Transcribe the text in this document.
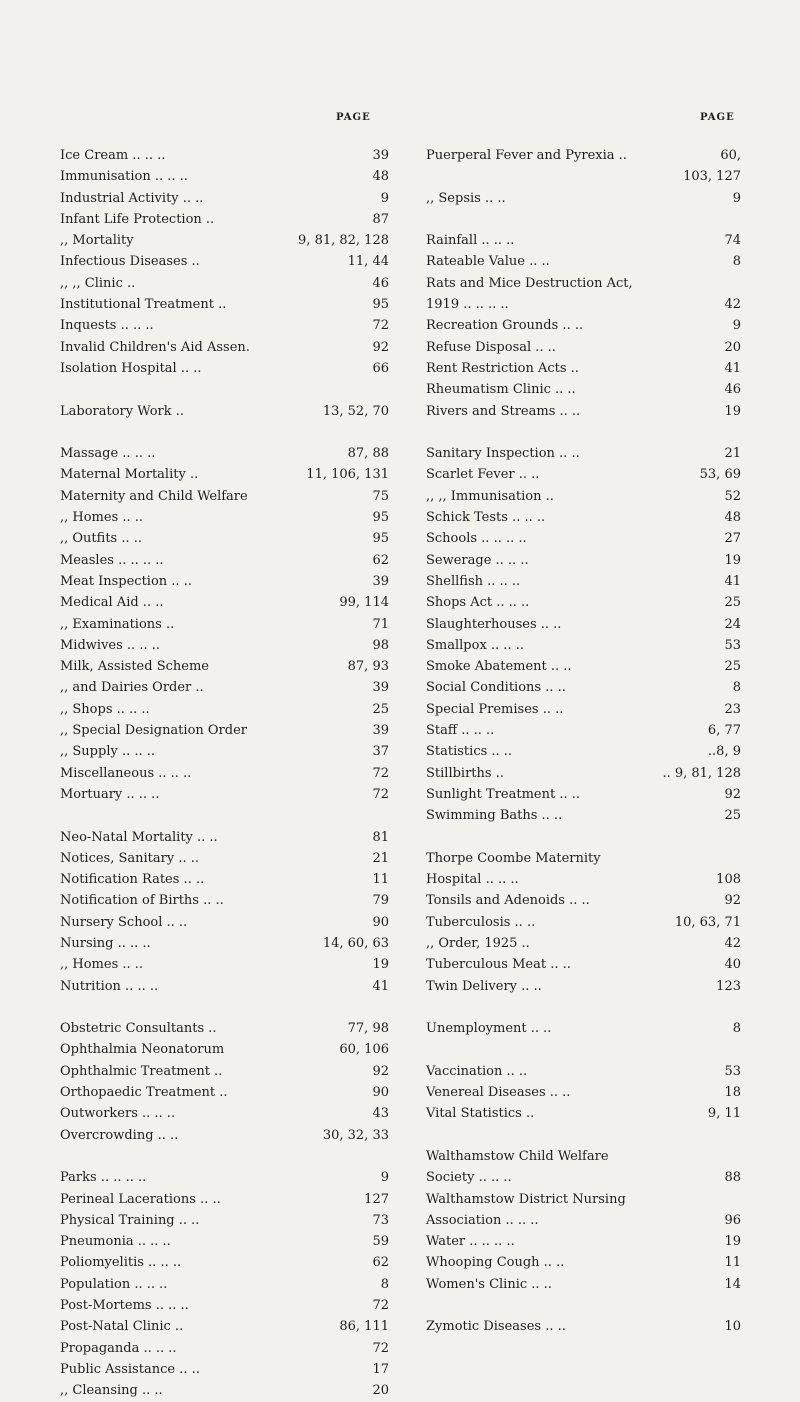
PAGE	PAGE
Ice Cream .. .. ..	39
Immunisation .. .. ..	48
Industrial Activity .. ..	9
Infant Life Protection ..	87
,, Mortality	9, 81, 82, 128
Infectious Diseases ..	11, 44
,, ,, Clinic ..	46
Institutional Treatment ..	95
Inquests .. .. ..	72
Invalid Children's Aid Assen.	92
Isolation Hospital .. ..	66
Laboratory Work ..	13, 52, 70
Massage .. .. ..	87, 88
Maternal Mortality ..	11, 106, 131
Maternity and Child Welfare	75
,, Homes .. ..	95
,, Outfits .. ..	95
Measles .. .. .. ..	62
Meat Inspection .. ..	39
Medical Aid .. ..	99, 114
,, Examinations ..	71
Midwives .. .. ..	98
Milk, Assisted Scheme	87, 93
,, and Dairies Order ..	39
,, Shops .. .. ..	25
,, Special Designation Order	39
,, Supply .. .. ..	37
Miscellaneous .. .. ..	72
Mortuary .. .. ..	72
Neo-Natal Mortality .. ..	81
Notices, Sanitary .. ..	21
Notification Rates .. ..	11
Notification of Births .. ..	79
Nursery School .. ..	90
Nursing .. .. ..	14, 60, 63
,, Homes .. ..	19
Nutrition .. .. ..	41
Obstetric Consultants ..	77, 98
Ophthalmia Neonatorum	60, 106
Ophthalmic Treatment ..	92
Orthopaedic Treatment ..	90
Outworkers .. .. ..	43
Overcrowding .. ..	30, 32, 33
Parks .. .. .. ..	9
Perineal Lacerations .. ..	127
Physical Training .. ..	73
Pneumonia .. .. ..	59
Poliomyelitis .. .. ..	62
Population .. .. ..	8
Post-Mortems .. .. ..	72
Post-Natal Clinic ..	86, 111
Propaganda .. .. ..	72
Public Assistance .. ..	17
,, Cleansing .. ..	20
Puerperal Fever and Pyrexia ..	60,
103, 127
,, Sepsis .. ..	9
Rainfall .. .. ..	74
Rateable Value .. ..	8
Rats and Mice Destruction Act,
1919 .. .. .. ..	42
Recreation Grounds .. ..	9
Refuse Disposal .. ..	20
Rent Restriction Acts ..	41
Rheumatism Clinic .. ..	46
Rivers and Streams .. ..	19
Sanitary Inspection .. ..	21
Scarlet Fever .. ..	53, 69
,, ,, Immunisation ..	52
Schick Tests .. .. ..	48
Schools .. .. .. ..	27
Sewerage .. .. ..	19
Shellfish .. .. ..	41
Shops Act .. .. ..	25
Slaughterhouses .. ..	24
Smallpox .. .. ..	53
Smoke Abatement .. ..	25
Social Conditions .. ..	8
Special Premises .. ..	23
Staff .. .. ..	6, 77
Statistics .. ..	..8, 9
Stillbirths ..	.. 9, 81, 128
Sunlight Treatment .. ..	92
Swimming Baths .. ..	25
Thorpe Coombe Maternity
Hospital .. .. ..	108
Tonsils and Adenoids .. ..	92
Tuberculosis .. ..	10, 63, 71
,, Order, 1925 ..	42
Tuberculous Meat .. ..	40
Twin Delivery .. ..	123
Unemployment .. ..	8
Vaccination .. ..	53
Venereal Diseases .. ..	18
Vital Statistics ..	9, 11
Walthamstow Child Welfare
Society .. .. ..	88
Walthamstow District Nursing
Association .. .. ..	96
Water .. .. .. ..	19
Whooping Cough .. ..	11
Women's Clinic .. ..	14
Zymotic Diseases .. ..	10
